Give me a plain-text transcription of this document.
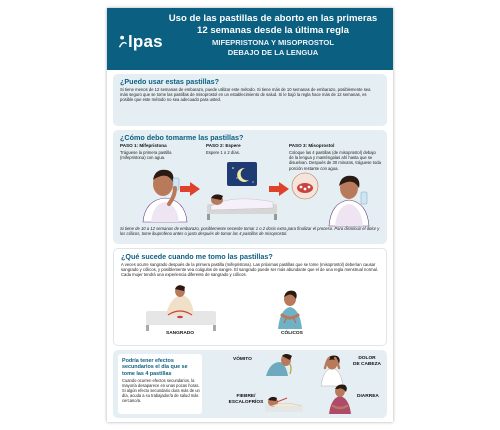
lpas
Uso de las pastillas de aborto en las primeras
12 semanas desde la última regla
MIFEPRISTONA Y MISOPROSTOL
DEBAJO DE LA LENGUA
¿Puedo usar estas pastillas?
Si tiene menos de 12 semanas de embarazo, puede utilizar este método. Si tiene más de 10 semanas de embarazo, posiblemente sea más seguro que se tome las pastillas de misoprostol en un establecimiento de salud. Si le bajó la regla hace más de 12 semanas, es posible que este método no sea adecuado para usted.
¿Cómo debo tomarme las pastillas?
PASO 1: Mifepristona
Tráguese la primera pastilla (mifepristona) con agua.
PASO 2: Espere
Espere 1 o 2 días.
PASO 3: Misoprostol
Coloque las 4 pastillas (de misoprostol) debajo de la lengua y manténgalas ahí hasta que se disuelvan. Después de 30 minutos, tráguese toda porción restante con agua.
Si tiene de 10 a 12 semanas de embarazo, posiblemente necesite tomar 1 o 2 dosis extra para finalizar el proceso. Para disminuir el dolor y los cólicos, tome ibuprofeno antes o justo después de tomar las 4 pastillas de misoprostol.
¿Qué sucede cuando me tomo las pastillas?
A veces ocurre sangrado después de la primera pastilla (mifepristona). Las próximas pastillas que se tome (misoprostol) deberían causar sangrado y cólicos, y posiblemente vea coágulos de sangre. El sangrado puede ser más abundante que el de una regla menstrual normal. Cada mujer tendrá una experiencia diferente de sangrado y cólicos.
SANGRADO	CÓLICOS
Podría tener efectos secundarios el día que se tome las 4 pastillas
Cuando ocurren efectos secundarios, la mayoría desaparece en unas pocas horas. Si algún efecto secundario dura más de un día, acuda a su trabajador/a de salud más cercano/a.
VÓMITO	DOLOR
DE CABEZA
FIEBRE/
ESCALOFRÍOS
DIARREA
